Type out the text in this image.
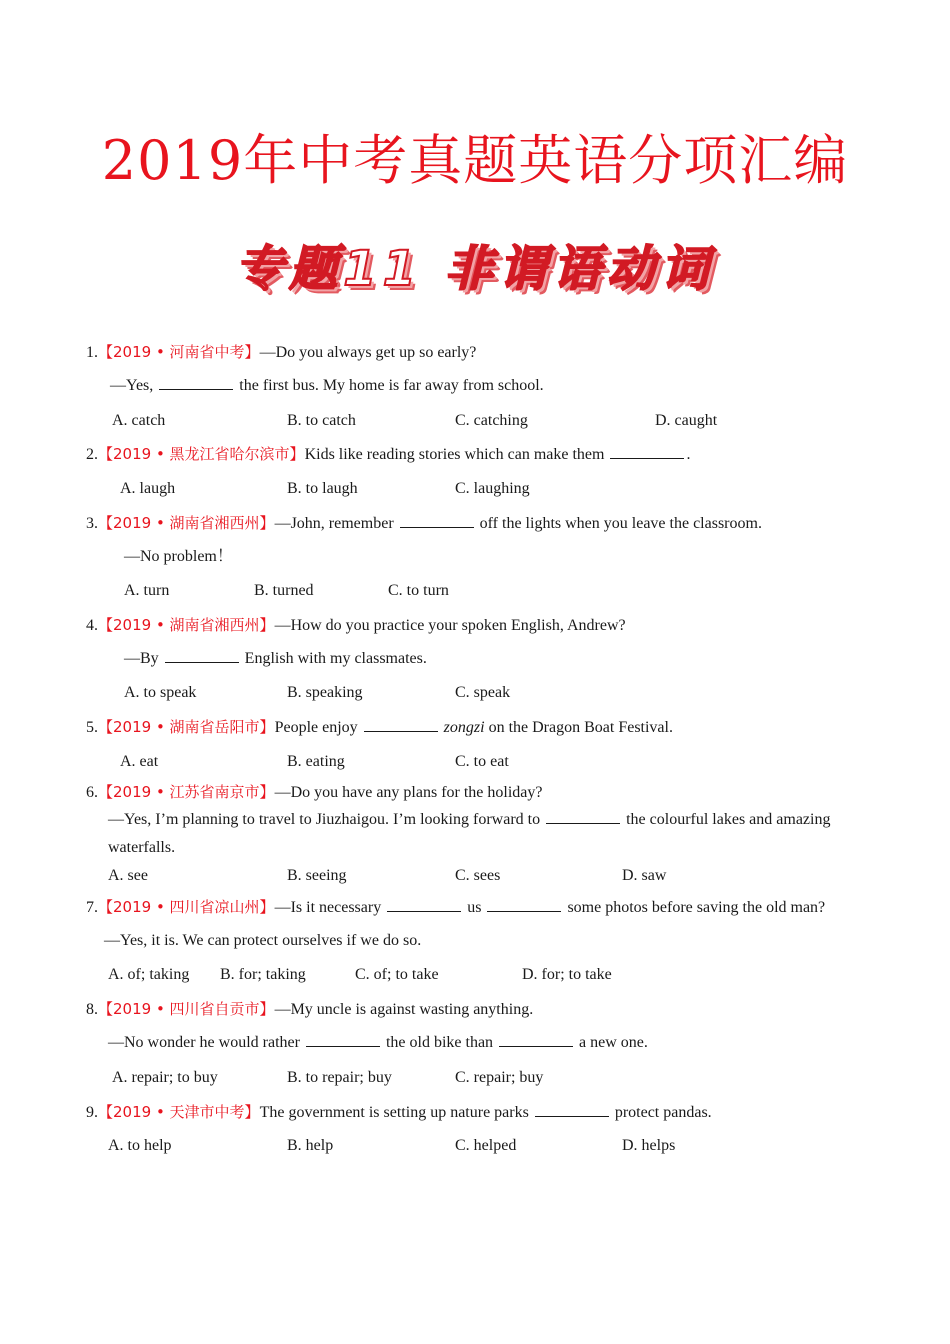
2019年中考真题英语分项汇编
专题11 非谓语动词
1.【2019 • 河南省中考】—Do you always get up so early?
—Yes,	the first bus. My home is far away from school.
A. catch	B. to catch	C. catching	D. caught
2.【2019 • 黑龙江省哈尔滨市】Kids like reading stories which can make them	.
A. laugh	B. to laugh	C. laughing
3.【2019 • 湖南省湘西州】—John, remember	off the lights when you leave the classroom.
—No problem！
A. turn	B. turned	C. to turn
4.【2019 • 湖南省湘西州】—How do you practice your spoken English, Andrew?
—By	English with my classmates.
A. to speak	B. speaking	C. speak
5.【2019 • 湖南省岳阳市】People enjoy	zongzi on the Dragon Boat Festival.
A. eat	B. eating	C. to eat
6.【2019 • 江苏省南京市】—Do you have any plans for the holiday?
—Yes, I’m planning to travel to Jiuzhaigou. I’m looking forward to	the colourful lakes and amazing
waterfalls.
A. see	B. seeing	C. sees	D. saw
7.【2019 • 四川省凉山州】—Is it necessary	us	some photos before saving the old man?
—Yes, it is. We can protect ourselves if we do so.
A. of; taking B. for; taking	C. of; to take	D. for; to take
8.【2019 • 四川省自贡市】—My uncle is against wasting anything.
—No wonder he would rather	the old bike than	a new one.
A. repair; to buy	B. to repair; buy	C. repair; buy
9.【2019 • 天津市中考】The government is setting up nature parks	protect pandas.
A. to help	B. help	C. helped	D. helps
